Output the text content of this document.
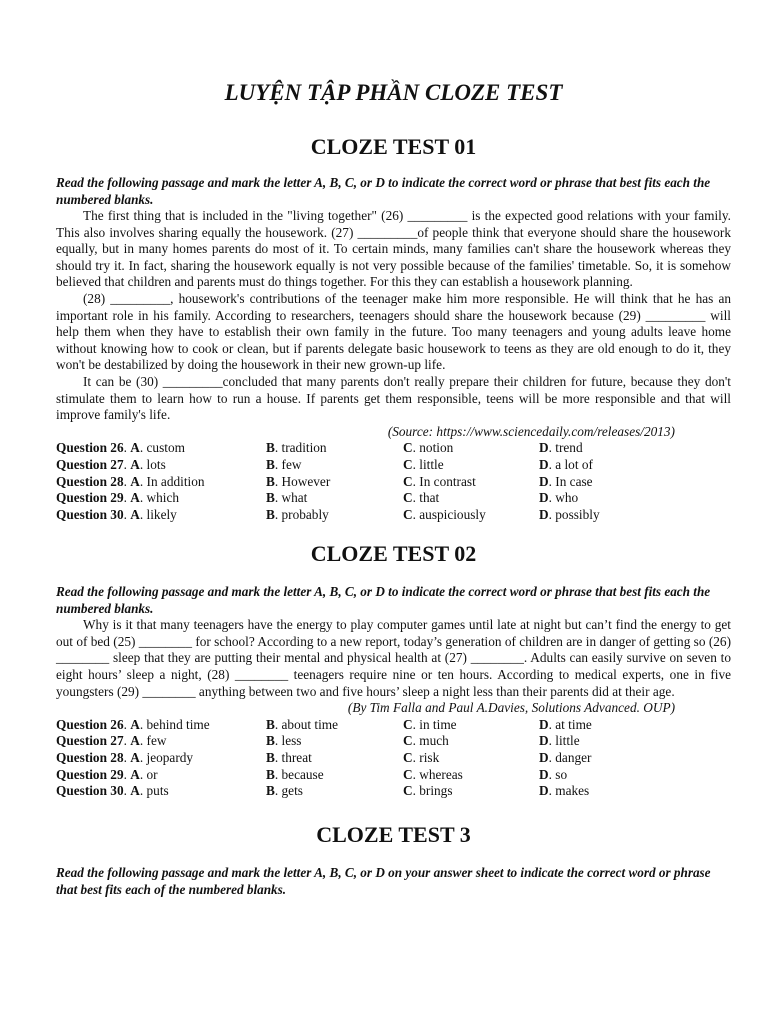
LUYỆN TẬP PHẦN CLOZE TEST
CLOZE TEST 01

Read the following passage and mark the letter A, B, C, or D to indicate the correct word or phrase that best fits each the numbered blanks.

The first thing that is included in the "living together" (26) _________ is the expected good relations with your family. This also involves sharing equally the housework. (27) _________of people think that everyone should share the housework equally, but in many homes parents do most of it. To certain minds, many families can't share the housework whereas they should try it. In fact, sharing the housework equally is not very possible because of the families' timetable. So, it is somehow believed that children and parents must do things together. For this they can establish a housework planning.

(28) _________, housework's contributions of the teenager make him more responsible. He will think that he has an important role in his family. According to researchers, teenagers should share the housework because (29) _________ will help them when they have to establish their own family in the future. Too many teenagers and young adults leave home without knowing how to cook or clean, but if parents delegate basic housework to teens as they are old enough to do it, they won't be destabilized by doing the housework in their new grown-up life.

It can be (30) _________concluded that many parents don't really prepare their children for future, because they don't stimulate them to learn how to run a house. If parents get them responsible, teens will be more responsible and that will improve family's life.

(Source: https://www.sciencedaily.com/releases/2013)

Question 26. A. custom	B. tradition	C. notion	D. trend
Question 27. A. lots	B. few	C. little	D. a lot of
Question 28. A. In addition	B. However	C. In contrast	D. In case
Question 29. A. which	B. what	C. that	D. who
Question 30. A. likely	B. probably	C. auspiciously	D. possibly
CLOZE TEST 02

Read the following passage and mark the letter A, B, C, or D to indicate the correct word or phrase that best fits each the numbered blanks.

Why is it that many teenagers have the energy to play computer games until late at night but can’t find the energy to get out of bed (25) ________ for school? According to a new report, today’s generation of children are in danger of getting so (26) ________ sleep that they are putting their mental and physical health at (27) ________. Adults can easily survive on seven to eight hours’ sleep a night, (28) ________ teenagers require nine or ten hours. According to medical experts, one in five youngsters (29) ________ anything between two and five hours’ sleep a night less than their parents did at their age.

(By Tim Falla and Paul A.Davies, Solutions Advanced. OUP)

Question 26. A. behind time	B. about time	C. in time	D. at time
Question 27. A. few	B. less	C. much	D. little
Question 28. A. jeopardy	B. threat	C. risk	D. danger
Question 29. A. or	B. because	C. whereas	D. so
Question 30. A. puts	B. gets	C. brings	D. makes
CLOZE TEST 3

Read the following passage and mark the letter A, B, C, or D on your answer sheet to indicate the correct word or phrase that best fits each of the numbered blanks.
